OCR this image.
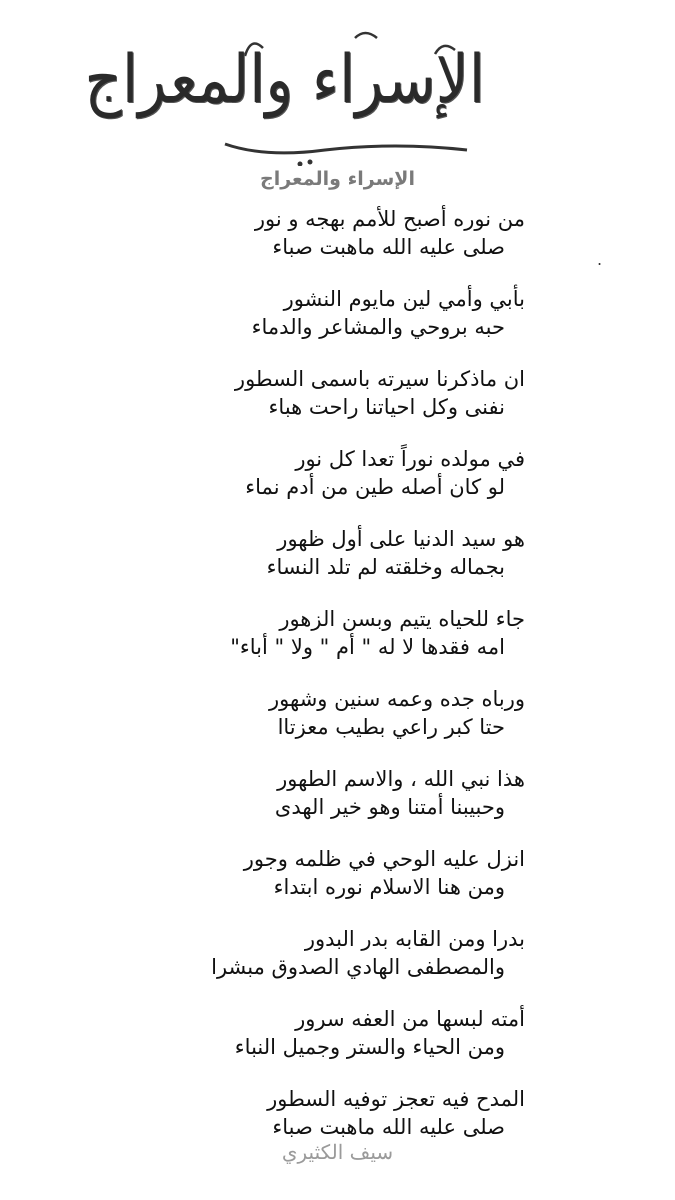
الإسراء والمعراج
الإسراء والمعراج
.
من نوره أصبح للأمم بهجه و نور
صلى عليه الله ماهبت صباء
بأبي وأمي لين مايوم النشور
حبه بروحي والمشاعر والدماء
ان ماذكرنا سيرته باسمى السطور
نفنى وكل احياتنا راحت هباء
في مولده نوراً تعدا كل نور
لو كان أصله طين من أدم نماء
هو سيد الدنيا على أول ظهور
بجماله وخلقته لم تلد النساء
جاء للحياه يتيم وبسن الزهور
امه فقدها لا له " أم " ولا " أباء"
ورباه جده وعمه سنين وشهور
حتا كبر راعي بطيب معزتاا
هذا نبي الله ، والاسم الطهور
وحبيبنا أمتنا وهو خير الهدى
انزل عليه الوحي في ظلمه وجور
ومن هنا الاسلام نوره ابتداء
بدرا ومن القابه بدر البدور
والمصطفى الهادي الصدوق مبشرا
أمته لبسها من العفه سرور
ومن الحياء والستر وجميل النباء
المدح فيه تعجز توفيه السطور
صلى عليه الله ماهبت صباء
سيف الكثيري
